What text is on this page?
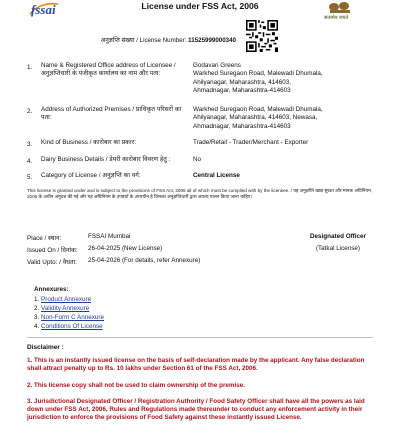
fssai	License under FSS Act, 2006
सत्यमेव जयते
अनुज्ञप्ति संख्या / License Number: 11525999000340
1. Name & Registered Office address of Licensee / अनुज्ञप्तिधारी के पंजीकृत कार्यालय का नाम और पता:
Godavari Greens
Warkhed Suregaon Road, Malewadi Dhumala,
Ahilyanagar, Maharashtra, 414603,
Ahmadnagar, Maharashtra-414603
2. Address of Authorized Premises / प्राधिकृत परिसरों का पता:
Warkhed Suregaon Road, Malewadi Dhumala,
Ahilyanagar, Maharashtra, 414603, Newasa,
Ahmadnagar, Maharashtra-414603
3. Kind of Business / कारोबार का प्रकार:	Trade/Retail - Trader/Merchant - Exporter
4. Dairy Business Details / डेयरी कारोबार विवरण हेतु :	No
5. Category of License / अनुज्ञप्ति का वर्ग:	Central License
This license is granted under and is subject to the provisions of FSS Act, 2006 all of which must be complied with by the licensee. / यह अनुज्ञप्ति खाद्य सुरक्षा और मानक अधिनियम, 2006 के अधीन अनुदत्त की गई और यह अधिनियम के उपबंधों के अध्यधीन है जिनका अनुज्ञप्तिधारी द्वारा अवश्य पालन किया जाना चाहिए।
Place / स्थान:	FSSAI Mumbai
Issued On / दिनांक: 26-04-2025 (New License)
Valid Upto: / वैधता: 25-04-2026 (For details, refer Annexure)
Designated Officer
(Tatkal License)
Annexures:
1. Product Annexure
2. Validity Annexure
3. Non-Form C Annexure
4. Conditions Of License
Disclaimer :
1. This is an instantly issued license on the basis of self-declaration made by the applicant. Any false declaration shall attract penalty up to Rs. 10 lakhs under Section 61 of the FSS Act, 2006.
2. This license copy shall not be used to claim ownership of the premise.
3. Jurisdictional Designated Officer / Registration Authority / Food Safety Officer shall have all the powers as laid down under FSS Act, 2006, Rules and Regulations made thereunder to conduct any enforcement activity in their jurisdiction to enforce the provisions of Food Safety against these instantly issued License.
